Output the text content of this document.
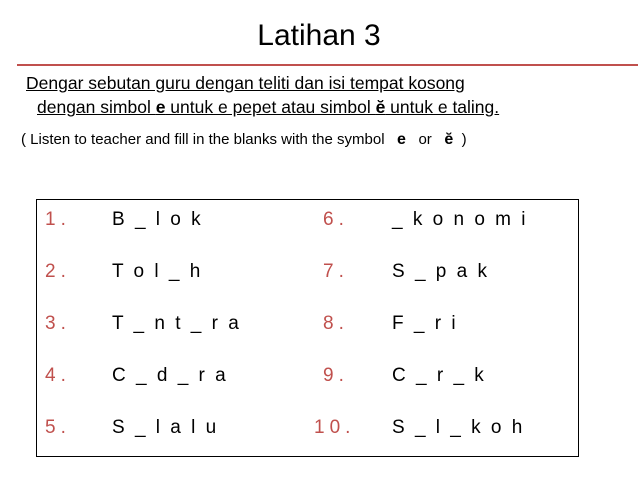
Latihan 3
Dengar sebutan guru dengan teliti dan isi tempat kosong
dengan simbol e untuk e pepet atau simbol ĕ untuk e taling.
( Listen to teacher and fill in the blanks with the symbol   e or ĕ )
1. B _ l o k
2. T o l _ h
3. T _ n t _ r a
4. C _ d _ r a
5. S _ l a l u
6. _ k o n o m i
7. S _ p a k
8. F _ r i
9. C _ r _ k
10. S _ l _ k o h
